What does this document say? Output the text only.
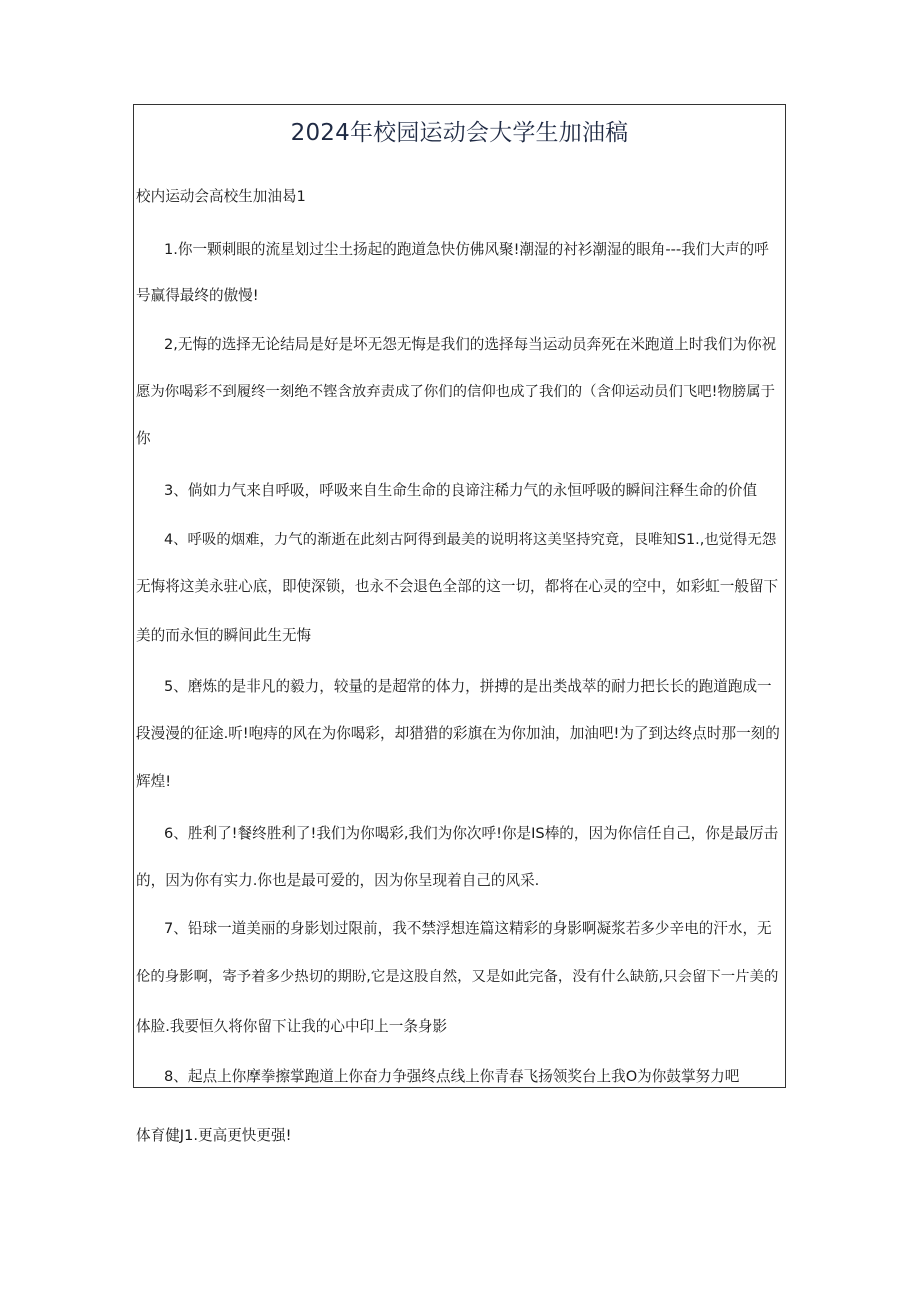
2024年校园运动会大学生加油稿
校内运动会高校生加油曷1
1.你一颗刺眼的流星划过尘土扬起的跑道急快仿佛风聚!潮湿的衬衫潮湿的眼角---我们大声的呼
号赢得最终的傲慢!
2,无悔的选择无论结局是好是坏无怨无悔是我们的选择每当运动员奔死在米跑道上时我们为你祝
愿为你喝彩不到履终一刻绝不铿含放弃责成了你们的信仰也成了我们的（含仰运动员们飞吧!物膀属于
你
3、倘如力气来自呼吸，呼吸来自生命生命的良谛注稀力气的永恒呼吸的瞬间注释生命的价值
4、呼吸的烟难，力气的渐逝在此刻古阿得到最美的说明将这美坚持究竟，艮唯知S1.,也觉得无怨
无悔将这美永驻心底，即使深锁，也永不会退色全部的这一切，都将在心灵的空中，如彩虹一般留下
美的而永恒的瞬间此生无悔
5、磨炼的是非凡的毅力，较量的是超常的体力，拼搏的是出类战萃的耐力把长长的跑道跑成一
段漫漫的征途.听!咆痔的风在为你喝彩，却猎猎的彩旗在为你加油，加油吧!为了到达终点时那一刻的
辉煌!
6、胜利了!餐终胜利了!我们为你喝彩,我们为你次呼!你是IS棒的，因为你信任自己，你是最厉击
的，因为你有实力.你也是最可爱的，因为你呈现着自己的风采.
7、铅球一道美丽的身影划过限前，我不禁浮想连篇这精彩的身影啊凝浆若多少辛电的汗水，无
伦的身影啊，寄予着多少热切的期盼,它是这股自然，又是如此完备，没有什么缺筋,只会留下一片美的
体脸.我要恒久将你留下让我的心中印上一条身影
8、起点上你摩拳擦掌跑道上你奋力争强终点线上你青春飞扬领奖台上我O为你鼓掌努力吧
体育健J1.更高更快更强!
